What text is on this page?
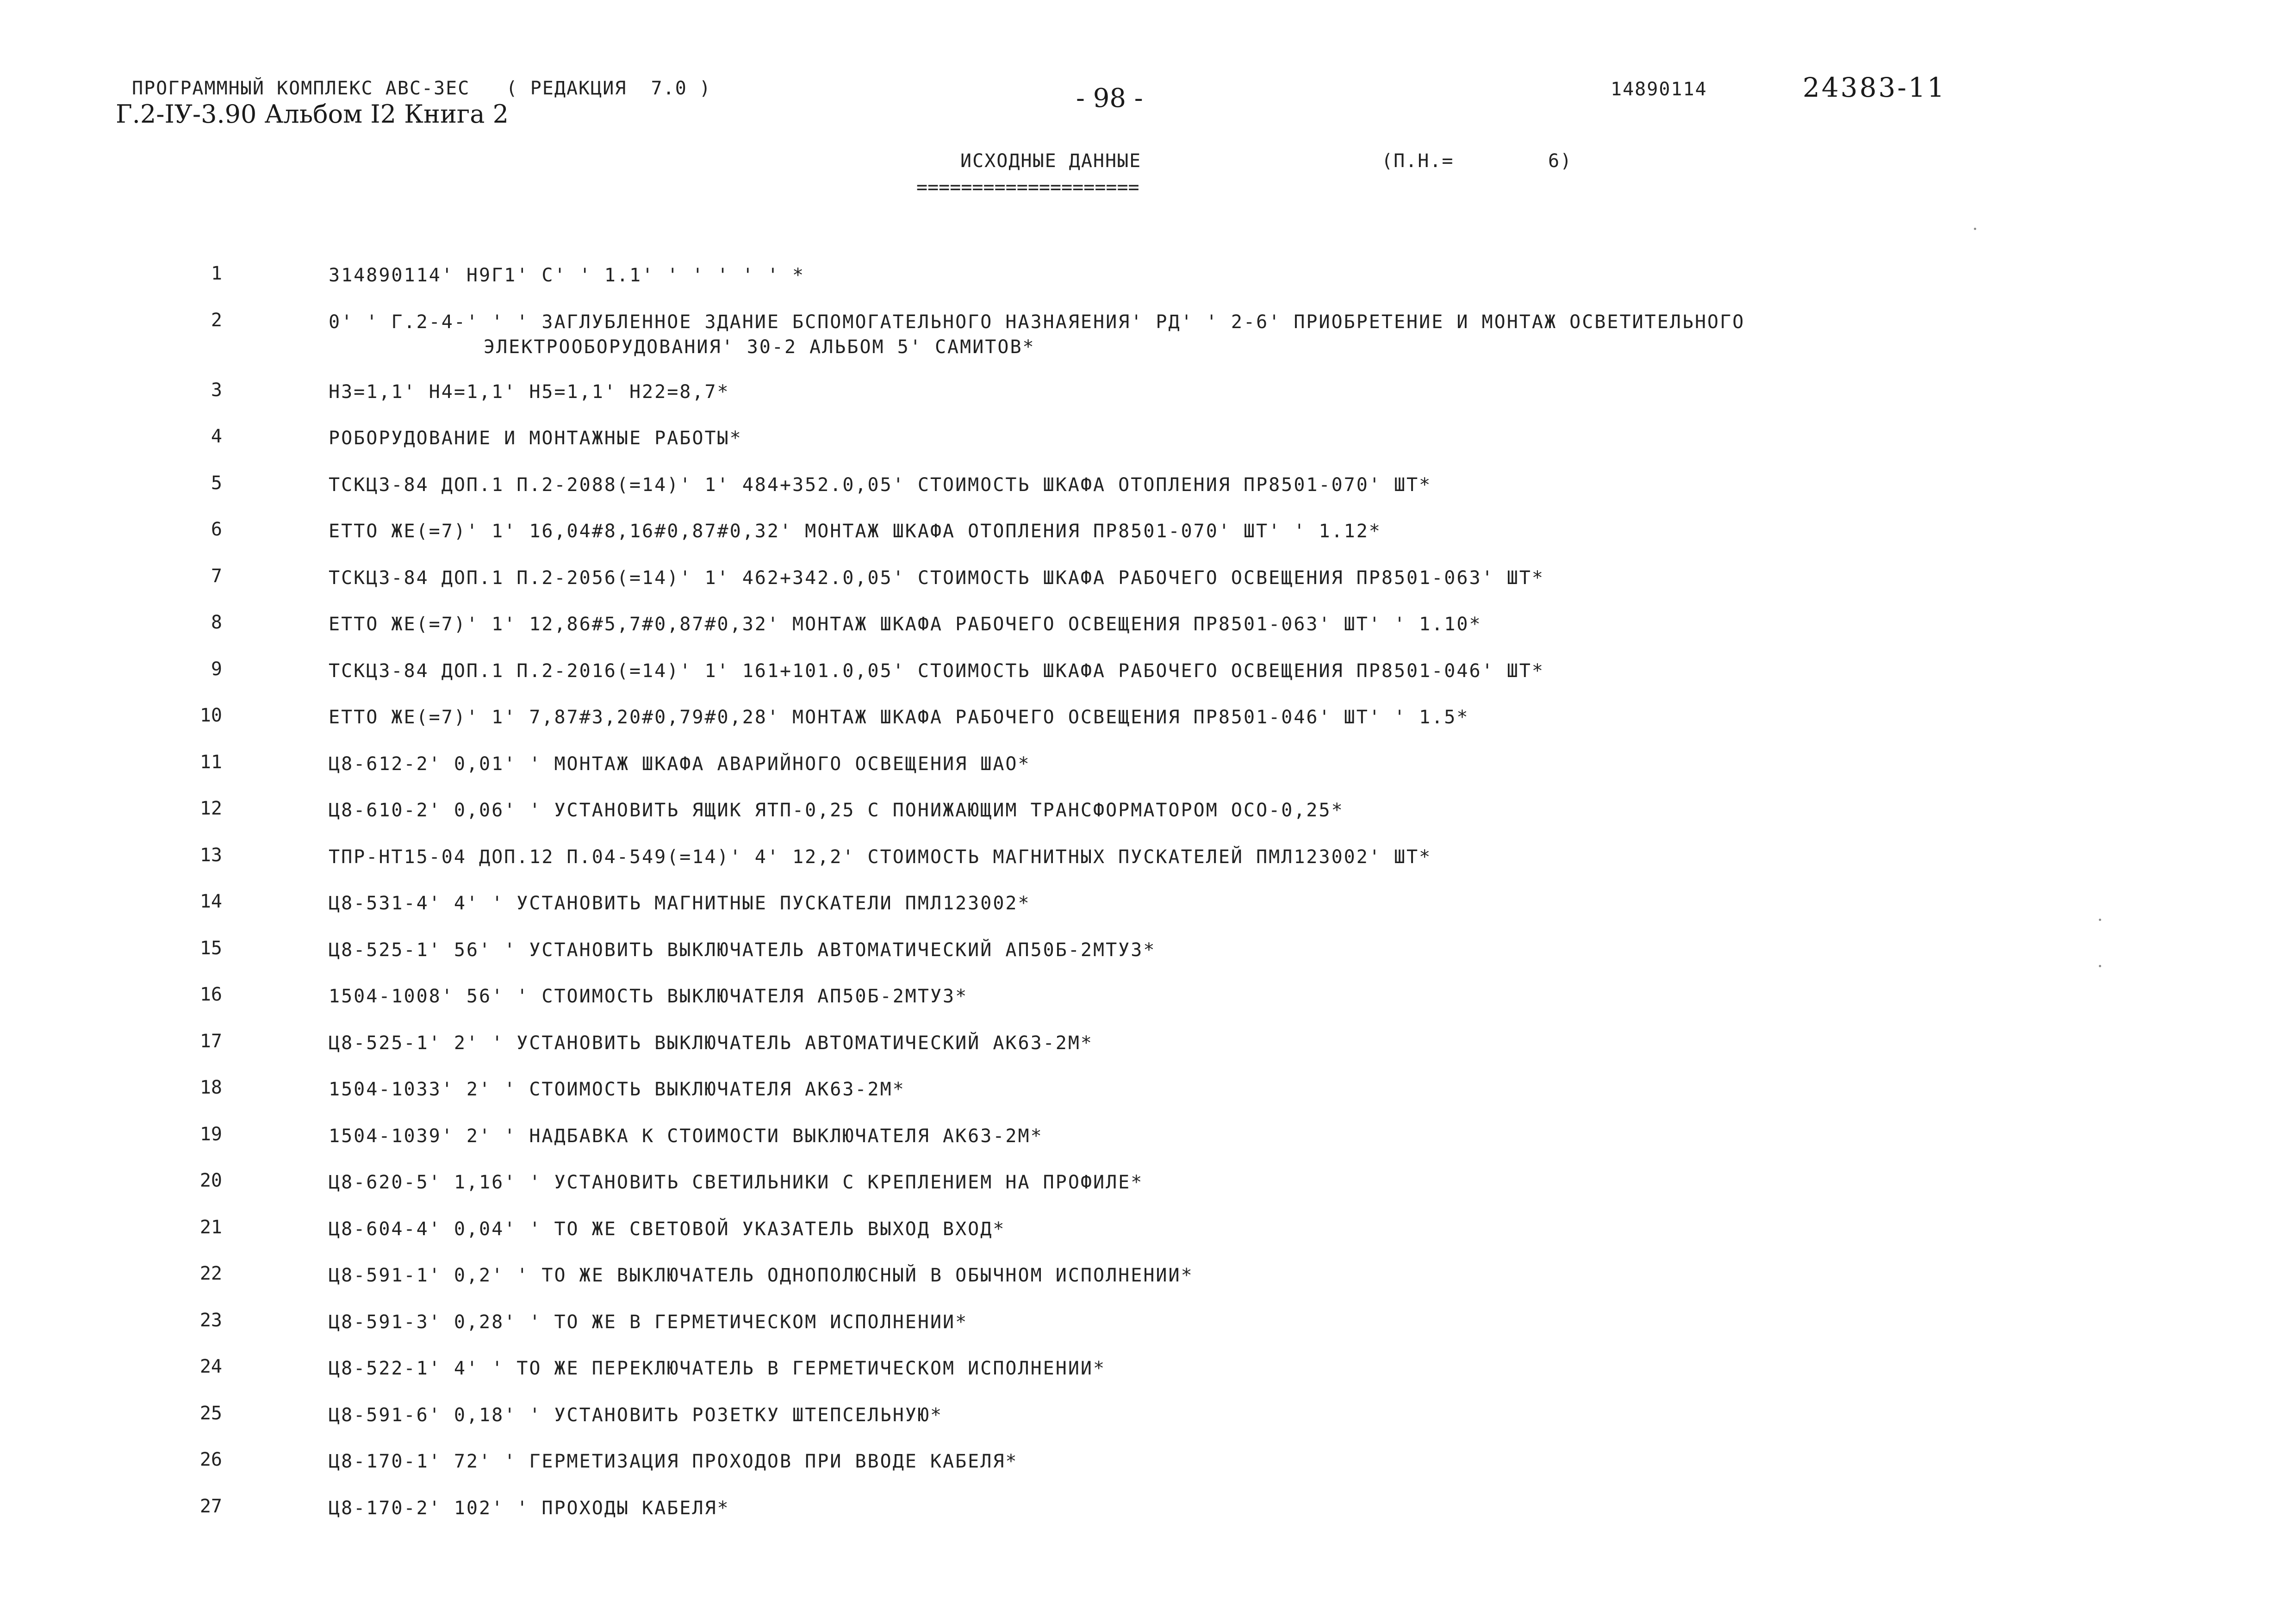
ПРОГРАММНЫЙ КОМПЛЕКС АВС-3ЕС   ( РЕДАКЦИЯ  7.0 )
Г.2-IУ-3.90 Альбом I2 Книга 2
- 98 -	14890114	24383-11
ИСХОДНЫЕ ДАННЫЕ
====================
(П.Н.=	6)
1	314890114' Н9Г1' С' ' 1.1' ' ' ' ' ' *
2	0' ' Г.2-4-' ' ' ЗАГЛУБЛЕННОЕ ЗДАНИЕ БСПОМОГАТЕЛЬНОГО НАЗНАЯЕНИЯ' РД' ' 2-6' ПРИОБРЕТЕНИЕ И МОНТАЖ ОСВЕТИТЕЛЬНОГО
ЭЛЕКТРООБОРУДОВАНИЯ' 30-2 АЛЬБОМ 5' САМИТОВ*
3	Н3=1,1' Н4=1,1' Н5=1,1' Н22=8,7*
4	РОБОРУДОВАНИЕ И МОНТАЖНЫЕ РАБОТЫ*
5	ТСКЦЗ-84 ДОП.1 П.2-2088(=14)' 1' 484+352.0,05' СТОИМОСТЬ ШКАФА ОТОПЛЕНИЯ ПР8501-070' ШТ*
6	ЕТТО ЖЕ(=7)' 1' 16,04#8,16#0,87#0,32' МОНТАЖ ШКАФА ОТОПЛЕНИЯ ПР8501-070' ШТ' ' 1.12*
7	ТСКЦЗ-84 ДОП.1 П.2-2056(=14)' 1' 462+342.0,05' СТОИМОСТЬ ШКАФА РАБОЧЕГО ОСВЕЩЕНИЯ ПР8501-063' ШТ*
8	ЕТТО ЖЕ(=7)' 1' 12,86#5,7#0,87#0,32' МОНТАЖ ШКАФА РАБОЧЕГО ОСВЕЩЕНИЯ ПР8501-063' ШТ' ' 1.10*
9	ТСКЦЗ-84 ДОП.1 П.2-2016(=14)' 1' 161+101.0,05' СТОИМОСТЬ ШКАФА РАБОЧЕГО ОСВЕЩЕНИЯ ПР8501-046' ШТ*
10	ЕТТО ЖЕ(=7)' 1' 7,87#3,20#0,79#0,28' МОНТАЖ ШКАФА РАБОЧЕГО ОСВЕЩЕНИЯ ПР8501-046' ШТ' ' 1.5*
11	Ц8-612-2' 0,01' ' МОНТАЖ ШКАФА АВАРИЙНОГО ОСВЕЩЕНИЯ ШАО*
12	Ц8-610-2' 0,06' ' УСТАНОВИТЬ ЯЩИК ЯТП-0,25 С ПОНИЖАЮЩИМ ТРАНСФОРМАТОРОМ ОСО-0,25*
13	ТПР-НТ15-04 ДОП.12 П.04-549(=14)' 4' 12,2' СТОИМОСТЬ МАГНИТНЫХ ПУСКАТЕЛЕЙ ПМЛ123002' ШТ*
14	Ц8-531-4' 4' ' УСТАНОВИТЬ МАГНИТНЫЕ ПУСКАТЕЛИ ПМЛ123002*
15	Ц8-525-1' 56' ' УСТАНОВИТЬ ВЫКЛЮЧАТЕЛЬ АВТОМАТИЧЕСКИЙ АП50Б-2МТУ3*
16	1504-1008' 56' ' СТОИМОСТЬ ВЫКЛЮЧАТЕЛЯ АП50Б-2МТУ3*
17	Ц8-525-1' 2' ' УСТАНОВИТЬ ВЫКЛЮЧАТЕЛЬ АВТОМАТИЧЕСКИЙ АК63-2М*
18	1504-1033' 2' ' СТОИМОСТЬ ВЫКЛЮЧАТЕЛЯ АК63-2М*
19	1504-1039' 2' ' НАДБАВКА К СТОИМОСТИ ВЫКЛЮЧАТЕЛЯ АК63-2М*
20	Ц8-620-5' 1,16' ' УСТАНОВИТЬ СВЕТИЛЬНИКИ С КРЕПЛЕНИЕМ НА ПРОФИЛЕ*
21	Ц8-604-4' 0,04' ' ТО ЖЕ СВЕТОВОЙ УКАЗАТЕЛЬ ВЫХОД ВХОД*
22	Ц8-591-1' 0,2' ' ТО ЖЕ ВЫКЛЮЧАТЕЛЬ ОДНОПОЛЮСНЫЙ В ОБЫЧНОМ ИСПОЛНЕНИИ*
23	Ц8-591-3' 0,28' ' ТО ЖЕ В ГЕРМЕТИЧЕСКОМ ИСПОЛНЕНИИ*
24	Ц8-522-1' 4' ' ТО ЖЕ ПЕРЕКЛЮЧАТЕЛЬ В ГЕРМЕТИЧЕСКОМ ИСПОЛНЕНИИ*
25	Ц8-591-6' 0,18' ' УСТАНОВИТЬ РОЗЕТКУ ШТЕПСЕЛЬНУЮ*
26	Ц8-170-1' 72' ' ГЕРМЕТИЗАЦИЯ ПРОХОДОВ ПРИ ВВОДЕ КАБЕЛЯ*
27	Ц8-170-2' 102' ' ПРОХОДЫ КАБЕЛЯ*
